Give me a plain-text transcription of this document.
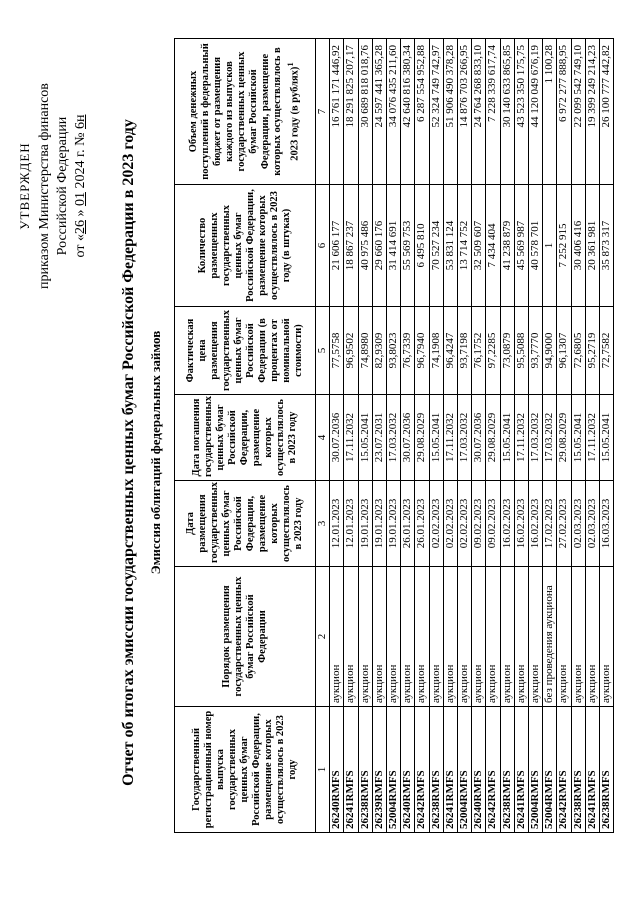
УТВЕРЖДЕН приказом Министерства финансов Российской Федерации от «26 » 01 2024 г. № 6н Отчет об итогах эмиссии государственных ценных бумаг Российской Федерации в 2023 году Эмиссия облигаций федеральных займов
Государственный регистрационный номер выпуска государственных ценных бумаг Российской Федерации, размещение которых осуществлялось в 2023 году	Порядок размещения государственных ценных бумаг Российской Федерации	Дата размещения государственных ценных бумаг Российской Федерации, размещение которых осуществлялось в 2023 году	Дата погашения государственных ценных бумаг Российской Федерации, размещение которых осуществлялось в 2023 году	Фактическая цена размещения государственных ценных бумаг Российской Федерации (в процентах от номинальной стоимости)	Количество размещенных государственных ценных бумаг Российской Федерации, размещение которых осуществлялось в 2023 году (в штуках)	Объем денежных поступлений в федеральный бюджет от размещения каждого из выпусков государственных ценных бумаг Российской Федерации, размещение которых осуществлялось в 2023 году (в рублях)$^1$
1	2	3	4	5	6	7
26240RMFS	аукцион	12.01.2023	30.07.2036	77,5758	21 606 177	16 761 171 446,92
26241RMFS	аукцион	12.01.2023	17.11.2032	96,9502	18 867 237	18 291 825 207,17
26238RMFS	аукцион	19.01.2023	15.05.2041	74,8980	40 975 486	30 689 818 018,76
26239RMFS	аукцион	19.01.2023	23.07.2031	82,9309	29 660 176	24 597 441 365,28
52004RMFS	аукцион	19.01.2023	17.03.2032	93,8023	31 414 691	34 076 435 211,60
26240RMFS	аукцион	26.01.2023	30.07.2036	76,7339	55 569 753	42 640 816 380,34
26242RMFS	аукцион	26.01.2023	29.08.2029	96,7940	6 495 810	6 287 554 952,88
26238RMFS	аукцион	02.02.2023	15.05.2041	74,1908	70 527 234	52 324 749 742,97
26241RMFS	аукцион	02.02.2023	17.11.2032	96,4247	53 831 124	51 906 490 378,28
52004RMFS	аукцион	02.02.2023	17.03.2032	93,7198	13 714 752	14 876 703 266,95
26240RMFS	аукцион	09.02.2023	30.07.2036	76,1752	32 509 607	24 764 268 833,10
26242RMFS	аукцион	09.02.2023	29.08.2029	97,2285	7 434 404	7 228 339 617,74
26238RMFS	аукцион	16.02.2023	15.05.2041	73,0879	41 238 879	30 140 633 865,85
26241RMFS	аукцион	16.02.2023	17.11.2032	95,5088	45 569 987	43 523 350 175,75
52004RMFS	аукцион	16.02.2023	17.03.2032	93,7770	40 578 701	44 120 049 676,19
52004RMFS	без проведения аукциона	17.02.2023	17.03.2032	94,9000	1	1 100,28
26242RMFS	аукцион	27.02.2023	29.08.2029	96,1307	7 252 915	6 972 277 888,95
26238RMFS	аукцион	02.03.2023	15.05.2041	72,6805	30 406 416	22 099 542 749,10
26241RMFS	аукцион	02.03.2023	17.11.2032	95,2719	20 361 981	19 399 249 214,23
26238RMFS	аукцион	16.03.2023	15.05.2041	72,7582	35 873 317	26 100 777 442,82
